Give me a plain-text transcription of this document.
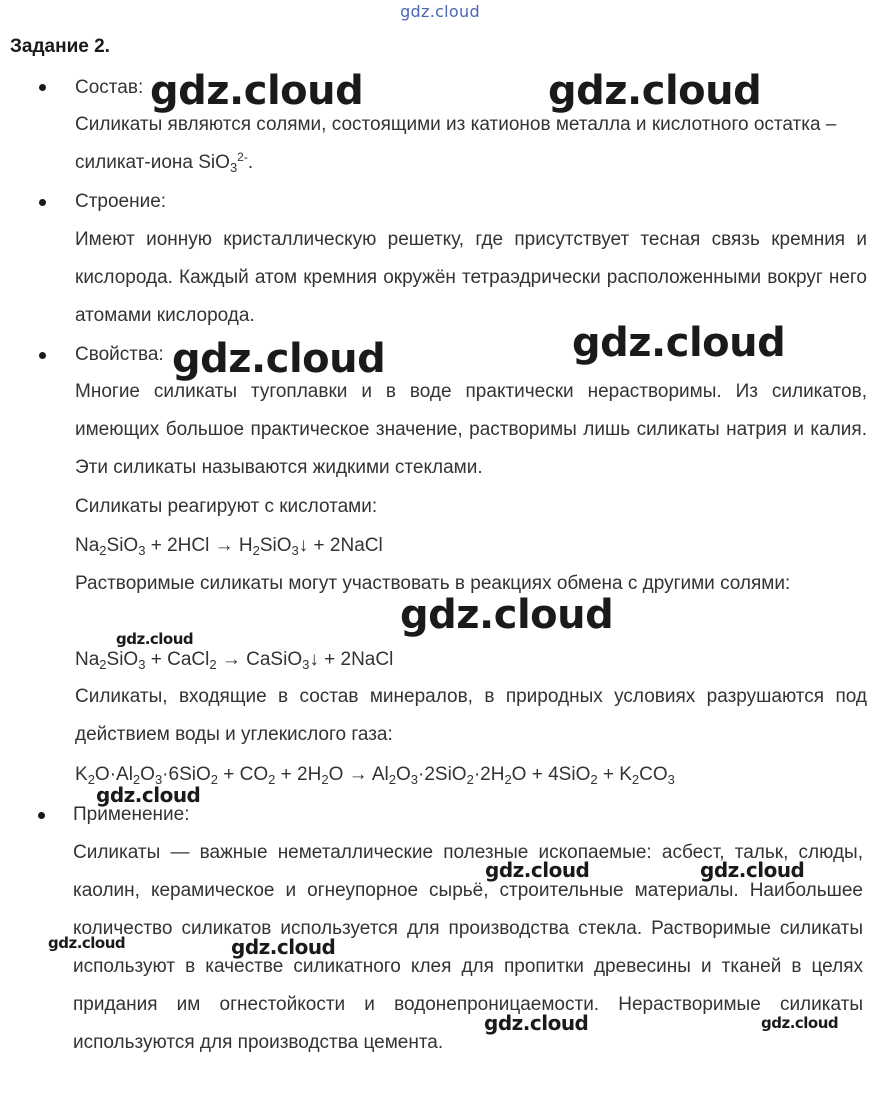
gdz.cloud
Задание 2.
Состав:
Силикаты являются солями, состоящими из катионов металла и кислотного остатка – силикат-иона SiO$_3^{2-}$.
Строение:
Имеют ионную кристаллическую решетку, где присутствует тесная связь кремния и кислорода. Каждый атом кремния окружён тетраэдрически расположенными вокруг него атомами кислорода.
Свойства:
Многие силикаты тугоплавки и в воде практически нерастворимы. Из силикатов, имеющих большое практическое значение, растворимы лишь силикаты натрия и калия. Эти силикаты называются жидкими стеклами.
Силикаты реагируют с кислотами:
$Na_2SiO_3 + 2HCl$ → $H_2SiO_3↓$ + 2NaCl
Растворимые силикаты могут участвовать в реакциях обмена с другими солями:
$Na_2SiO_3$ + CaCl$_2$ → CaSiO$_3$↓ + 2NaCl
Силикаты, входящие в состав минералов, в природных условиях разрушаются под действием воды и углекислого газа:
$K_2O\cdot Al_2O_3\cdot 6SiO_2 + CO_2 + 2H_2O \to Al_2O_3\cdot 2SiO_2\cdot 2H_2O + 4SiO_2 + K_2CO_3$
Применение:
Силикаты — важные неметаллические полезные ископаемые: асбест, тальк, слюды, каолин, керамическое и огнеупорное сырьё, строительные материалы. Наибольшее количество силикатов используется для производства стекла. Растворимые силикаты используют в качестве силикатного клея для пропитки древесины и тканей в целях придания им огнестойкости и водонепроницаемости. Нерастворимые силикаты используются для производства цемента.
gdz.cloud	gdz.cloud
gdz.cloud	gdz.cloud
gdz.cloud
gdz.cloud
gdz.cloud
gdz.cloud	gdz.cloud
gdz.cloud	gdz.cloud
gdz.cloud	gdz.cloud
